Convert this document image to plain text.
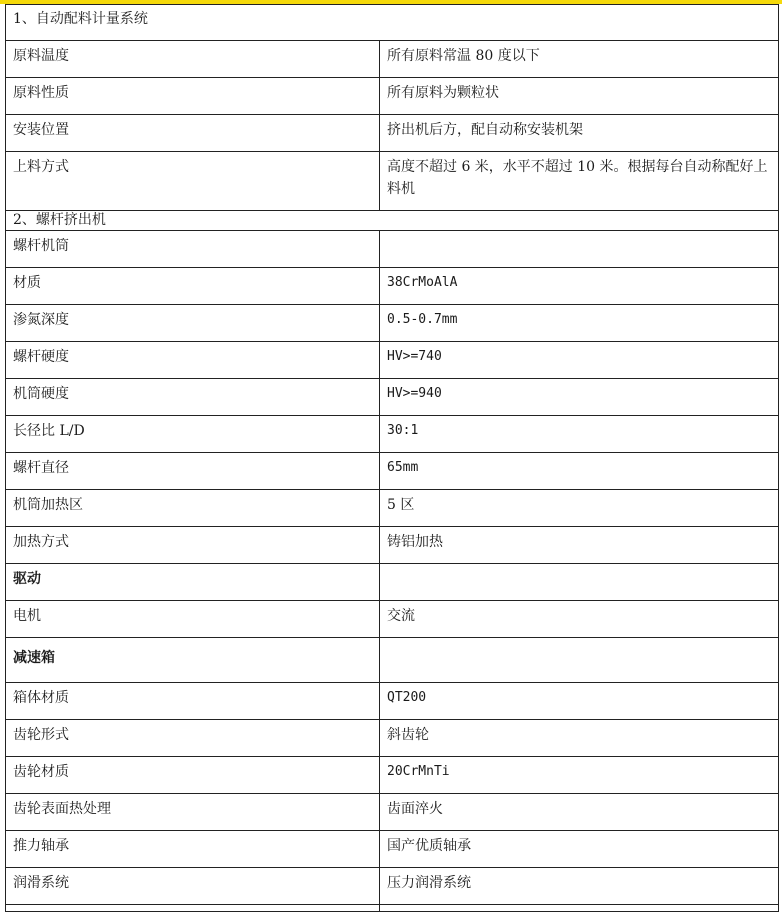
1、自动配料计量系统	
原料温度	所有原料常温 80 度以下
原料性质	所有原料为颗粒状
安装位置	挤出机后方，配自动称安装机架
上料方式	高度不超过 6 米，水平不超过 10 米。根据每台自动称配好上料机
2、螺杆挤出机	
螺杆机筒	
材质	38CrMoAlA
渗氮深度	0.5-0.7mm
螺杆硬度	HV>=740
机筒硬度	HV>=940
长径比 L/D	30:1
螺杆直径	65mm
机筒加热区	5 区
加热方式	铸铝加热
驱动	
电机	交流
减速箱	
箱体材质	QT200
齿轮形式	斜齿轮
齿轮材质	20CrMnTi
齿轮表面热处理	齿面淬火
推力轴承	国产优质轴承
润滑系统	压力润滑系统
